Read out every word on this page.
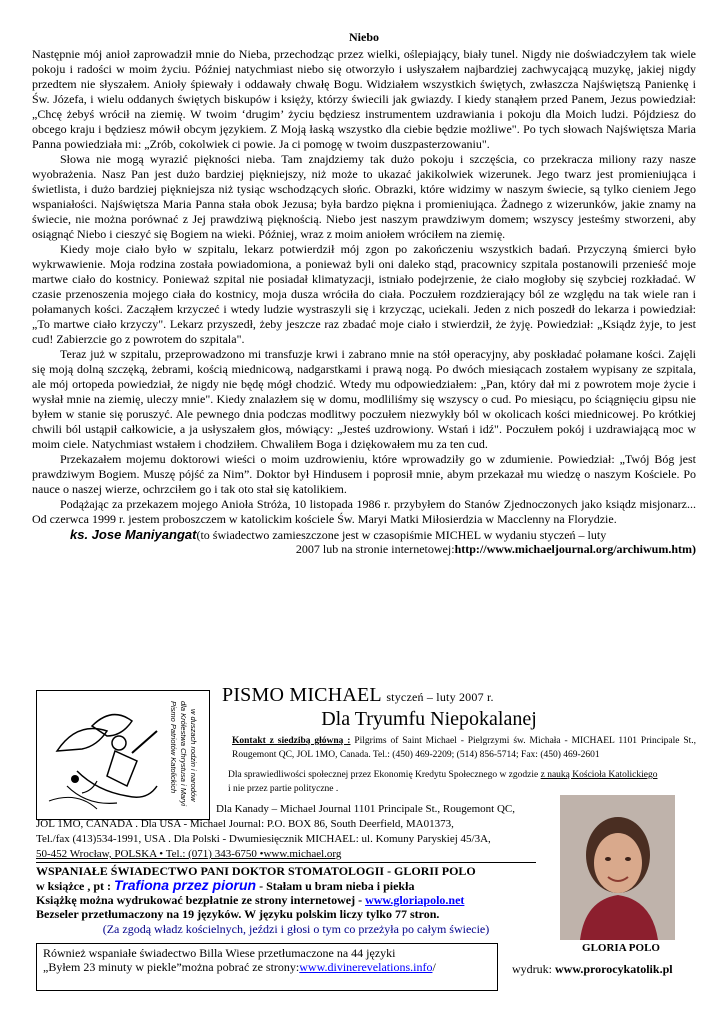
Niebo

Następnie mój anioł zaprowadził mnie do Nieba, przechodząc przez wielki, oślepiający, biały tunel. Nigdy nie doświadczyłem tak wiele pokoju i radości w moim życiu. Później natychmiast niebo się otworzyło i usłyszałem najbardziej zachwycającą muzykę, jakiej nigdy przedtem nie słyszałem. Anioły śpiewały i oddawały chwałę Bogu. Widziałem wszystkich świętych, zwłaszcza Najświętszą Panienkę i Św. Józefa, i wielu oddanych świętych biskupów i księży, którzy świecili jak gwiazdy. I kiedy stanąłem przed Panem, Jezus powiedział: „Chcę żebyś wrócił na ziemię. W twoim ‘drugim’ życiu będziesz instrumentem uzdrawiania i pokoju dla Moich ludzi. Pójdziesz do obcego kraju i będziesz mówił obcym językiem. Z Moją łaską wszystko dla ciebie będzie możliwe". Po tych słowach Najświętsza Maria Panna powiedziała mi: „Zrób, cokolwiek ci powie. Ja ci pomogę w twoim duszpasterzowaniu".

Słowa nie mogą wyrazić piękności nieba. Tam znajdziemy tak dużo pokoju i szczęścia, co przekracza miliony razy nasze wyobrażenia. Nasz Pan jest dużo bardziej piękniejszy, niż może to ukazać jakikolwiek wizerunek. Jego twarz jest promieniująca i świetlista, i dużo bardziej piękniejsza niż tysiąc wschodzących słońc. Obrazki, które widzimy w naszym świecie, są tylko cieniem Jego wspaniałości. Najświętsza Maria Panna stała obok Jezusa; była bardzo piękna i promieniująca. Żadnego z wizerunków, jakie znamy na świecie, nie można porównać z Jej prawdziwą pięknością. Niebo jest naszym prawdziwym domem; wszyscy jesteśmy stworzeni, aby osiągnąć Niebo i cieszyć się Bogiem na wieki. Później, wraz z moim aniołem wróciłem na ziemię.

Kiedy moje ciało było w szpitalu, lekarz potwierdził mój zgon po zakończeniu wszystkich badań. Przyczyną śmierci było wykrwawienie. Moja rodzina została powiadomiona, a ponieważ byli oni daleko stąd, pracownicy szpitala postanowili przenieść moje martwe ciało do kostnicy. Ponieważ szpital nie posiadał klimatyzacji, istniało podejrzenie, że ciało mogłoby się szybciej rozkładać. W czasie przenoszenia mojego ciała do kostnicy, moja dusza wróciła do ciała. Poczułem rozdzierający ból ze względu na tak wiele ran i połamanych kości. Zacząłem krzyczeć i wtedy ludzie wystraszyli się i krzycząc, uciekali. Jeden z nich poszedł do lekarza i powiedział: „To martwe ciało krzyczy". Lekarz przyszedł, żeby jeszcze raz zbadać moje ciało i stwierdził, że żyję. Powiedział: „Ksiądz żyje, to jest cud! Zabierzcie go z powrotem do szpitala".

Teraz już w szpitalu, przeprowadzono mi transfuzje krwi i zabrano mnie na stół operacyjny, aby poskładać połamane kości. Zajęli się moją dolną szczęką, żebrami, kością miednicową, nadgarstkami i prawą nogą. Po dwóch miesiącach zostałem wypisany ze szpitala, ale mój ortopeda powiedział, że nigdy nie będę mógł chodzić. Wtedy mu odpowiedziałem: „Pan, który dał mi z powrotem moje życie i wysłał mnie na ziemię, uleczy mnie". Kiedy znalazłem się w domu, modliliśmy się wszyscy o cud. Po miesiącu, po ściągnięciu gipsu nie byłem w stanie się poruszyć. Ale pewnego dnia podczas modlitwy poczułem niezwykły ból w okolicach kości miednicowej. Po krótkiej chwili ból ustąpił całkowicie, a ja usłyszałem głos, mówiący: „Jesteś uzdrowiony. Wstań i idź". Poczułem pokój i uzdrawiającą moc w moim ciele. Natychmiast wstałem i chodziłem. Chwaliłem Boga i dziękowałem mu za ten cud.

Przekazałem mojemu doktorowi wieści o moim uzdrowieniu, które wprowadziły go w zdumienie. Powiedział: „Twój Bóg jest prawdziwym Bogiem. Muszę pójść za Nim”. Doktor był Hindusem i poprosił mnie, abym przekazał mu wiedzę o naszym Kościele. Po nauce o naszej wierze, ochrzciłem go i tak oto stał się katolikiem.

Podążając za przekazem mojego Anioła Stróża, 10 listopada 1986 r. przybyłem do Stanów Zjednoczonych jako ksiądz misjonarz... Od czerwca 1999 r. jestem proboszczem w katolickim kościele Św. Maryi Matki Miłosierdzia w Macclenny na Florydzie.

ks. Jose Maniyangat(to świadectwo zamieszczone jest w czasopiśmie MICHEL w wydaniu styczeń – luty
2007 lub na stronie internetowej:http://www.michaeljournal.org/archiwum.htm)
Pismo Patriotów Katolickich dla Królestwa Chrystusa i Maryi w duszach rodzin i narodów
PISMO MICHAEL styczeń – luty 2007 r.
Dla Tryumfu Niepokalanej
Kontakt z siedzibą główną : Pilgrims of Saint Michael - Pielgrzymi św. Michała - MICHAEL 1101 Principale St., Rougemont QC, JOL 1MO, Canada. Tel.: (450) 469-2209; (514) 856-5714; Fax: (450) 469-2601
Dla sprawiedliwości społecznej przez Ekonomię Kredytu Społecznego w zgodzie z nauką Kościoła Katolickiego i nie przez partie polityczne .
Dla Kanady – Michael Journal 1101 Principale St., Rougemont QC,
JOL 1MO, CANADA . Dla USA - Michael Journal: P.O. BOX 86, South Deerfield, MA01373,
Tel./fax (413)534-1991, USA . Dla Polski - Dwumiesięcznik MICHAEL: ul. Komuny Paryskiej 45/3A,
50-452 Wrocław, POLSKA • Tel.: (071) 343-6750 •www.michael.org
WSPANIAŁE ŚWIADECTWO PANI DOKTOR STOMATOLOGII - GLORII POLO
w książce , pt : Trafiona przez piorun - Stałam u bram nieba i piekła
Książkę można wydrukować bezpłatnie ze strony internetowej - www.gloriapolo.net
Bezseler przetłumaczony na 19 języków. W języku polskim liczy tylko 77 stron.
(Za zgodą władz kościelnych, jeździ i głosi o tym co przeżyła po całym świecie)
GLORIA POLO
Również wspaniałe świadectwo Billa Wiese przetłumaczone na 44 języki
„Byłem 23 minuty w piekle”można pobrać ze strony:www.divinerevelations.info/	wydruk: www.prorocykatolik.pl
